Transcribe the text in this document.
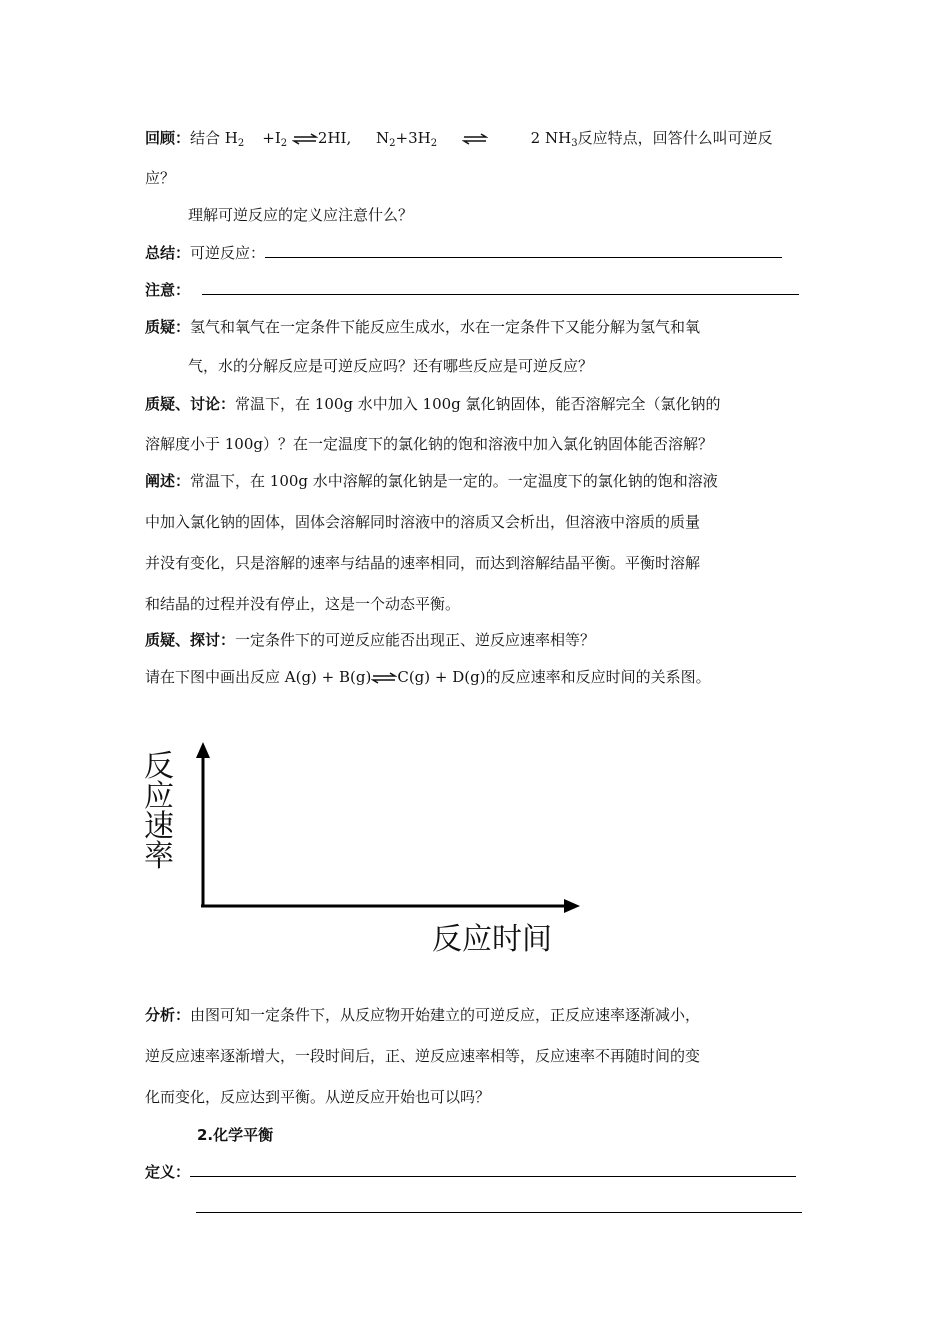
回顾：结合 $H_2 +I_2$ ⇌2HI, $N_2+3H_2$	2 $NH_3$反应特点，回答什么叫可逆反
应？
理解可逆反应的定义应注意什么？
总结：可逆反应：
注意：
质疑：氢气和氧气在一定条件下能反应生成水，水在一定条件下又能分解为氢气和氧
气，水的分解反应是可逆反应吗？还有哪些反应是可逆反应？
质疑、讨论：常温下，在 100g 水中加入 100g 氯化钠固体，能否溶解完全（氯化钠的
溶解度小于 100g）？在一定温度下的氯化钠的饱和溶液中加入氯化钠固体能否溶解？
阐述：常温下，在 100g 水中溶解的氯化钠是一定的。一定温度下的氯化钠的饱和溶液
中加入氯化钠的固体，固体会溶解同时溶液中的溶质又会析出，但溶液中溶质的质量
并没有变化，只是溶解的速率与结晶的速率相同，而达到溶解结晶平衡。平衡时溶解
和结晶的过程并没有停止，这是一个动态平衡。
质疑、探讨：一定条件下的可逆反应能否出现正、逆反应速率相等？
请在下图中画出反应 A(g) + B(g)⇌C(g) + D(g)的反应速率和反应时间的关系图。
反
应
速
率
反应时间
分析：由图可知一定条件下，从反应物开始建立的可逆反应，正反应速率逐渐减小，
逆反应速率逐渐增大，一段时间后，正、逆反应速率相等，反应速率不再随时间的变
化而变化，反应达到平衡。从逆反应开始也可以吗？
2.化学平衡
定义：
